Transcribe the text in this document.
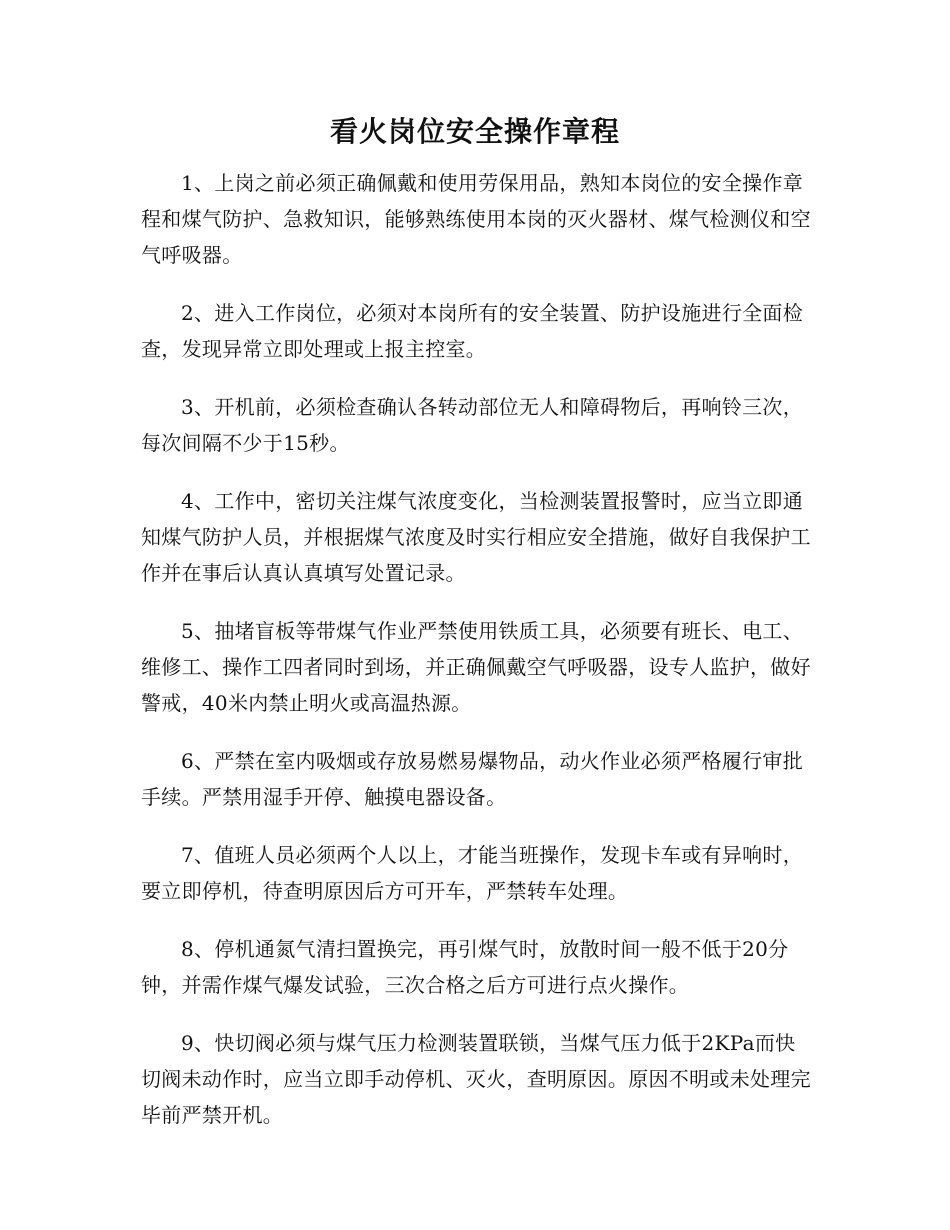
看火岗位安全操作章程

1、上岗之前必须正确佩戴和使用劳保用品，熟知本岗位的安全操作章程和煤气防护、急救知识，能够熟练使用本岗的灭火器材、煤气检测仪和空气呼吸器。

2、进入工作岗位，必须对本岗所有的安全装置、防护设施进行全面检查，发现异常立即处理或上报主控室。

3、开机前，必须检查确认各转动部位无人和障碍物后，再响铃三次，每次间隔不少于15秒。

4、工作中，密切关注煤气浓度变化，当检测装置报警时，应当立即通知煤气防护人员，并根据煤气浓度及时实行相应安全措施，做好自我保护工作并在事后认真认真填写处置记录。

5、抽堵盲板等带煤气作业严禁使用铁质工具，必须要有班长、电工、维修工、操作工四者同时到场，并正确佩戴空气呼吸器，设专人监护，做好警戒，40米内禁止明火或高温热源。

6、严禁在室内吸烟或存放易燃易爆物品，动火作业必须严格履行审批手续。严禁用湿手开停、触摸电器设备。

7、值班人员必须两个人以上，才能当班操作，发现卡车或有异响时，要立即停机，待查明原因后方可开车，严禁转车处理。

8、停机通氮气清扫置换完，再引煤气时，放散时间一般不低于20分钟，并需作煤气爆发试验，三次合格之后方可进行点火操作。

9、快切阀必须与煤气压力检测装置联锁，当煤气压力低于2KPa而快切阀未动作时，应当立即手动停机、灭火，查明原因。原因不明或未处理完毕前严禁开机。
